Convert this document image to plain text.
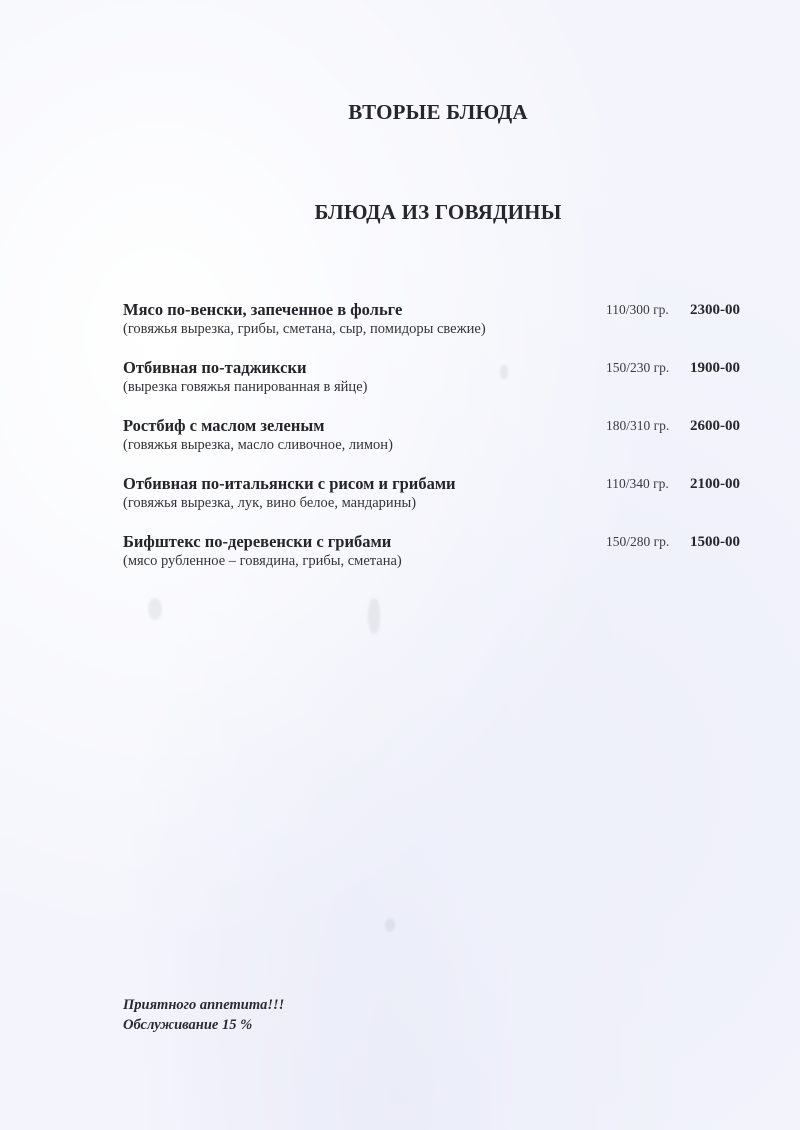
ВТОРЫЕ БЛЮДА
БЛЮДА ИЗ ГОВЯДИНЫ
Мясо по-венски, запеченное в фольге
(говяжья вырезка, грибы, сметана, сыр, помидоры свежие)
110/300 гр. 2300-00
Отбивная по-таджикски
(вырезка говяжья панированная в яйце)
150/230 гр. 1900-00
Ростбиф с маслом зеленым
(говяжья вырезка, масло сливочное, лимон)
180/310 гр. 2600-00
Отбивная по-итальянски с рисом и грибами
(говяжья вырезка, лук, вино белое, мандарины)
110/340 гр. 2100-00
Бифштекс по-деревенски с грибами
(мясо рубленное – говядина, грибы, сметана)
150/280 гр. 1500-00
Приятного аппетита!!!
Обслуживание 15 %
